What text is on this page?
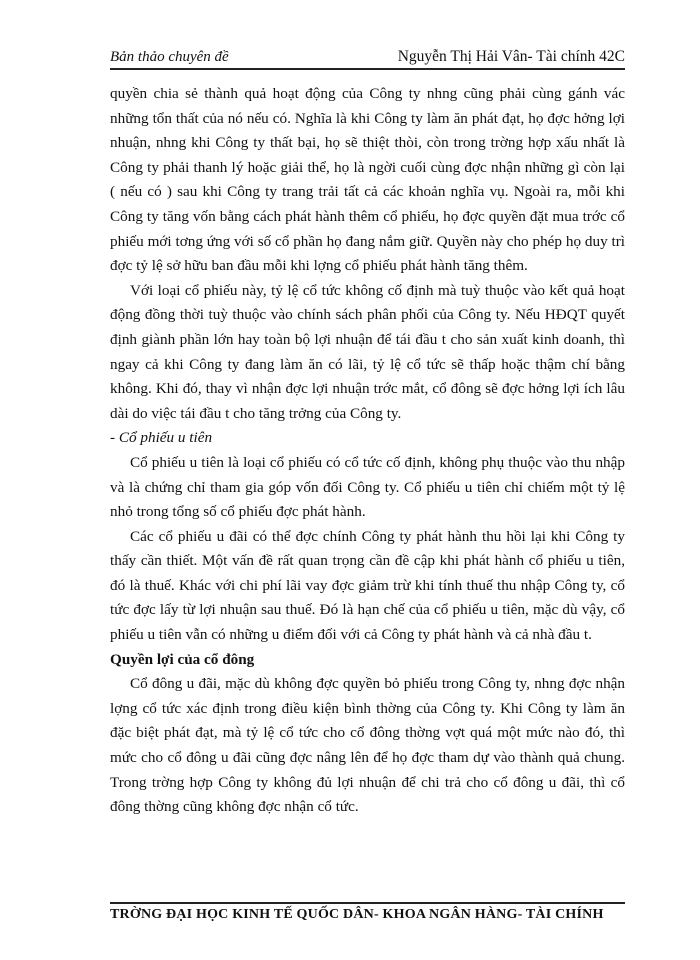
Bản thảo chuyên đề	Nguyễn Thị Hải Vân- Tài chính 42C

quyền chia sẻ thành quả hoạt động của Công ty nhng cũng phải cùng gánh vác những tổn thất của nó nếu có. Nghĩa là khi Công ty làm ăn phát đạt, họ đợc hởng lợi nhuận, nhng khi Công ty thất bại, họ sẽ thiệt thòi, còn trong trờng hợp xấu nhất là Công ty phải thanh lý hoặc giải thể, họ là ngời cuối cùng đợc nhận những gì còn lại ( nếu có ) sau khi Công ty trang trải tất cả các khoản nghĩa vụ. Ngoài ra, mỗi khi Công ty tăng vốn bằng cách phát hành thêm cổ phiếu, họ đợc quyền đặt mua trớc cổ phiếu mới tơng ứng với số cổ phần họ đang nắm giữ. Quyền này cho phép họ duy trì đợc tỷ lệ sở hữu ban đầu mỗi khi lợng cổ phiếu phát hành tăng thêm.

Với loại cổ phiếu này, tỷ lệ cổ tức không cố định mà tuỳ thuộc vào kết quả hoạt động đồng thời tuỳ thuộc vào chính sách phân phối của Công ty. Nếu HĐQT quyết định giành phần lớn hay toàn bộ lợi nhuận để tái đầu t cho sản xuất kinh doanh, thì ngay cả khi Công ty đang làm ăn có lãi, tỷ lệ cổ tức sẽ thấp hoặc thậm chí bằng không. Khi đó, thay vì nhận đợc lợi nhuận trớc mắt, cổ đông sẽ đợc hởng lợi ích lâu dài do việc tái đầu t cho tăng trởng của Công ty.

- Cổ phiếu u tiên

Cổ phiếu u tiên là loại cổ phiếu có cổ tức cố định, không phụ thuộc vào thu nhập và là chứng chỉ tham gia góp vốn đối Công ty. Cổ phiếu u tiên chỉ chiếm một tỷ lệ nhỏ trong tổng số cổ phiếu đợc phát hành.

Các cổ phiếu u đãi có thể đợc chính Công ty phát hành thu hồi lại khi Công ty thấy cần thiết. Một vấn đề rất quan trọng cần đề cập khi phát hành cổ phiếu u tiên, đó là thuế. Khác với chi phí lãi vay đợc giảm trừ khi tính thuế thu nhập Công ty, cổ tức đợc lấy từ lợi nhuận sau thuế. Đó là hạn chế của cổ phiếu u tiên, mặc dù vậy, cổ phiếu u tiên vẫn có những u điểm đối với cả Công ty phát hành và cả nhà đầu t.

Quyền lợi của cổ đông

Cổ đông u đãi, mặc dù không đợc quyền bỏ phiếu trong Công ty, nhng đợc nhận lợng cổ tức xác định trong điều kiện bình thờng của Công ty. Khi Công ty làm ăn đặc biệt phát đạt, mà tỷ lệ cổ tức cho cổ đông thờng vợt quá một mức nào đó, thì mức cho cổ đông u đãi cũng đợc nâng lên để họ đợc tham dự vào thành quả chung. Trong trờng hợp Công ty không đủ lợi nhuận để chi trả cho cổ đông u đãi, thì cổ đông thờng cũng không đợc nhận cổ tức.

TRỜNG ĐẠI HỌC KINH TẾ QUỐC DÂN- KHOA NGÂN HÀNG- TÀI CHÍNH
